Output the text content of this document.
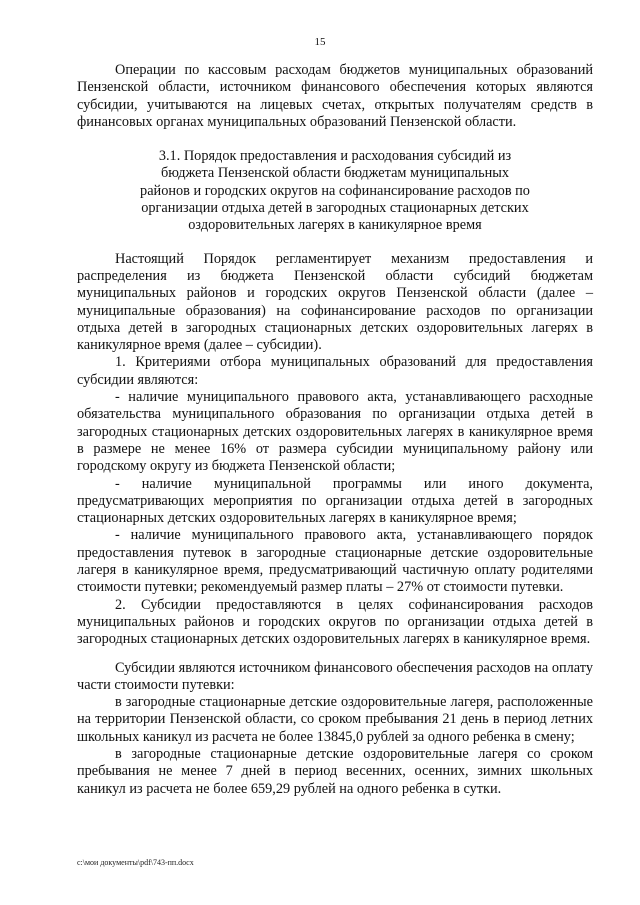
15

Операции по кассовым расходам бюджетов муниципальных образований Пензенской области, источником финансового обеспечения которых являются субсидии, учитываются на лицевых счетах, открытых получателям средств в финансовых органах муниципальных образований Пензенской области.

3.1. Порядок предоставления и расходования субсидий из бюджета Пензенской области бюджетам муниципальных районов и городских округов на софинансирование расходов по организации отдыха детей в загородных стационарных детских оздоровительных лагерях в каникулярное время

Настоящий Порядок регламентирует механизм предоставления и распределения из бюджета Пензенской области субсидий бюджетам муниципальных районов и городских округов Пензенской области (далее – муниципальные образования) на софинансирование расходов по организации отдыха детей в загородных стационарных детских оздоровительных лагерях в каникулярное время (далее – субсидии).

1. Критериями отбора муниципальных образований для предоставления субсидии являются:

- наличие муниципального правового акта, устанавливающего расходные обязательства муниципального образования по организации отдыха детей в загородных стационарных детских оздоровительных лагерях в каникулярное время в размере не менее 16% от размера субсидии муниципальному району или городскому округу из бюджета Пензенской области;

- наличие муниципальной программы или иного документа, предусматривающих мероприятия по организации отдыха детей в загородных стационарных детских оздоровительных лагерях в каникулярное время;

- наличие муниципального правового акта, устанавливающего порядок предоставления путевок в загородные стационарные детские оздоровительные лагеря в каникулярное время, предусматривающий частичную оплату родителями стоимости путевки; рекомендуемый размер платы – 27% от стоимости путевки.

2. Субсидии предоставляются в целях софинансирования расходов муниципальных районов и городских округов по организации отдыха детей в загородных стационарных детских оздоровительных лагерях в каникулярное время.

Субсидии являются источником финансового обеспечения расходов на оплату части стоимости путевки:

в загородные стационарные детские оздоровительные лагеря, расположенные на территории Пензенской области, со сроком пребывания 21 день в период летних школьных каникул из расчета не более 13845,0 рублей за одного ребенка в смену;

в загородные стационарные детские оздоровительные лагеря со сроком пребывания не менее 7 дней в период весенних, осенних, зимних школьных каникул из расчета не более 659,29 рублей на одного ребенка в сутки.

c:\мои документы\pdf\743-пп.docx
